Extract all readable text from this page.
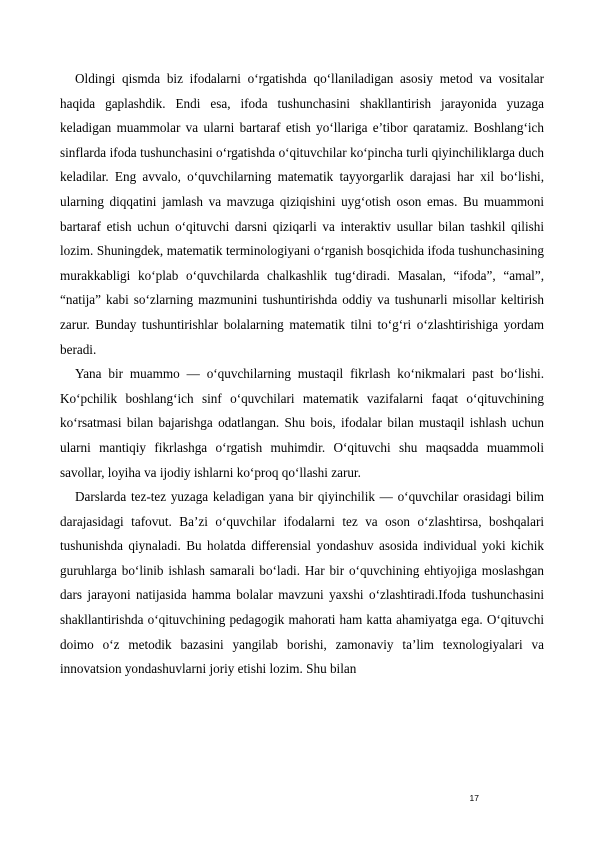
Oldingi qismda biz ifodalarni o‘rgatishda qo‘llaniladigan asosiy metod va vositalar haqida gaplashdik. Endi esa, ifoda tushunchasini shakllantirish jarayonida yuzaga keladigan muammolar va ularni bartaraf etish yo‘llariga e’tibor qaratamiz. Boshlang‘ich sinflarda ifoda tushunchasini o‘rgatishda o‘qituvchilar ko‘pincha turli qiyinchiliklarga duch keladilar. Eng avvalo, o‘quvchilarning matematik tayyorgarlik darajasi har xil bo‘lishi, ularning diqqatini jamlash va mavzuga qiziqishini uyg‘otish oson emas. Bu muammoni bartaraf etish uchun o‘qituvchi darsni qiziqarli va interaktiv usullar bilan tashkil qilishi lozim. Shuningdek, matematik terminologiyani o‘rganish bosqichida ifoda tushunchasining murakkabligi ko‘plab o‘quvchilarda chalkashlik tug‘diradi. Masalan, “ifoda”, “amal”, “natija” kabi so‘zlarning mazmunini tushuntirishda oddiy va tushunarli misollar keltirish zarur. Bunday tushuntirishlar bolalarning matematik tilni to‘g‘ri o‘zlashtirishiga yordam beradi.

Yana bir muammo — o‘quvchilarning mustaqil fikrlash ko‘nikmalari past bo‘lishi. Ko‘pchilik boshlang‘ich sinf o‘quvchilari matematik vazifalarni faqat o‘qituvchining ko‘rsatmasi bilan bajarishga odatlangan. Shu bois, ifodalar bilan mustaqil ishlash uchun ularni mantiqiy fikrlashga o‘rgatish muhimdir. O‘qituvchi shu maqsadda muammoli savollar, loyiha va ijodiy ishlarni ko‘proq qo‘llashi zarur.

Darslarda tez-tez yuzaga keladigan yana bir qiyinchilik — o‘quvchilar orasidagi bilim darajasidagi tafovut. Ba’zi o‘quvchilar ifodalarni tez va oson o‘zlashtirsa, boshqalari tushunishda qiynaladi. Bu holatda differensial yondashuv asosida individual yoki kichik guruhlarga bo‘linib ishlash samarali bo‘ladi. Har bir o‘quvchining ehtiyojiga moslashgan dars jarayoni natijasida hamma bolalar mavzuni yaxshi o‘zlashtiradi.Ifoda tushunchasini shakllantirishda o‘qituvchining pedagogik mahorati ham katta ahamiyatga ega. O‘qituvchi doimo o‘z metodik bazasini yangilab borishi, zamonaviy ta’lim texnologiyalari va innovatsion yondashuvlarni joriy etishi lozim. Shu bilan

17
